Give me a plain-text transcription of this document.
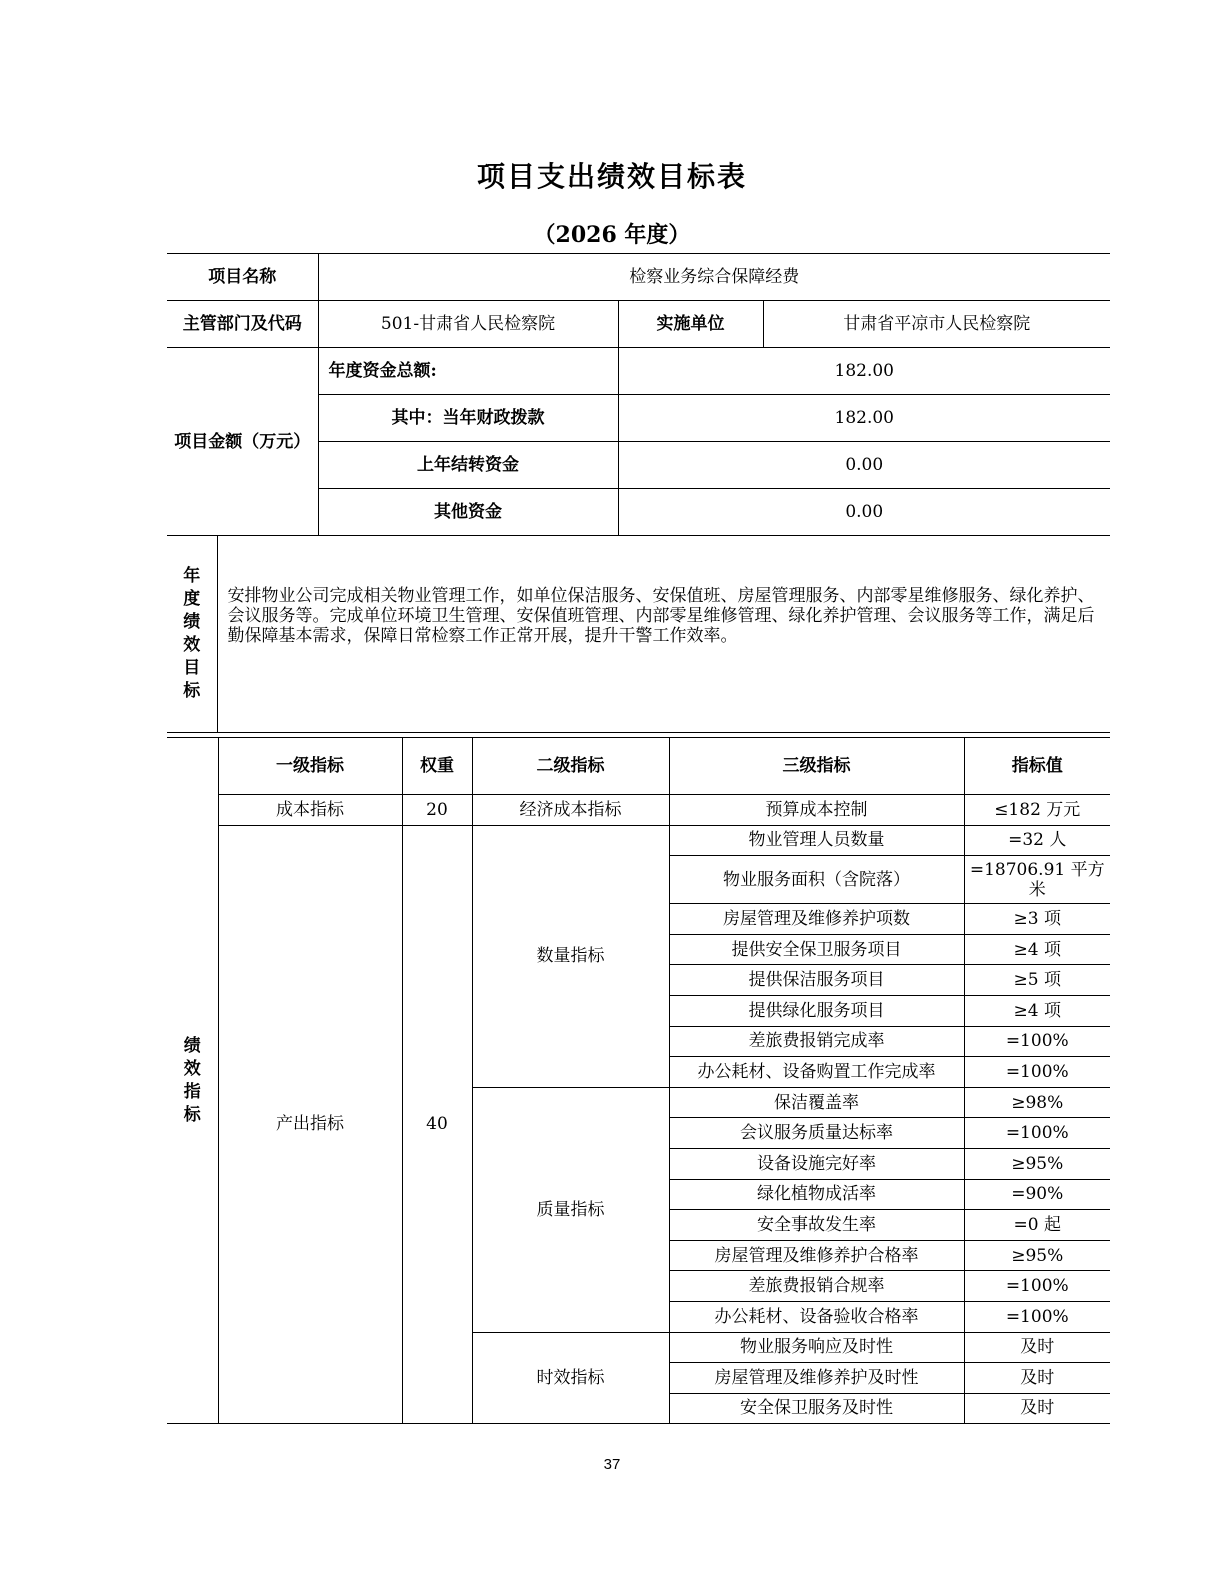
项目支出绩效目标表
（2026 年度）
项目名称		检察业务综合保障经费		
主管部门及代码		501-甘肃省人民检察院	实施单位	甘肃省平凉市人民检察院
项目金额（万元）		年度资金总额:	182.00	
		其中：当年财政拨款	182.00	
		上年结转资金	0.00	
		其他资金	0.00	

年度绩效目标	安排物业公司完成相关物业管理工作，如单位保洁服务、安保值班、房屋管理服务、内部零星维修服务、绿化养护、会议服务等。完成单位环境卫生管理、安保值班管理、内部零星维修管理、绿化养护管理、会议服务等工作，满足后勤保障基本需求，保障日常检察工作正常开展，提升干警工作效率。			
绩效指标	一级指标	权重	二级指标	三级指标	指标值
	成本指标	20	经济成本指标	预算成本控制	≤182 万元
	产出指标	40	数量指标	物业管理人员数量	=32 人
				物业服务面积（含院落）	=18706.91 平方米
				房屋管理及维修养护项数	≥3 项
				提供安全保卫服务项目	≥4 项
				提供保洁服务项目	≥5 项
				提供绿化服务项目	≥4 项
				差旅费报销完成率	=100%
				办公耗材、设备购置工作完成率	=100%
			质量指标	保洁覆盖率	≥98%
				会议服务质量达标率	=100%
				设备设施完好率	≥95%
				绿化植物成活率	=90%
				安全事故发生率	=0 起
				房屋管理及维修养护合格率	≥95%
				差旅费报销合规率	=100%
				办公耗材、设备验收合格率	=100%
			时效指标	物业服务响应及时性	及时
				房屋管理及维修养护及时性	及时
				安全保卫服务及时性	及时
37
